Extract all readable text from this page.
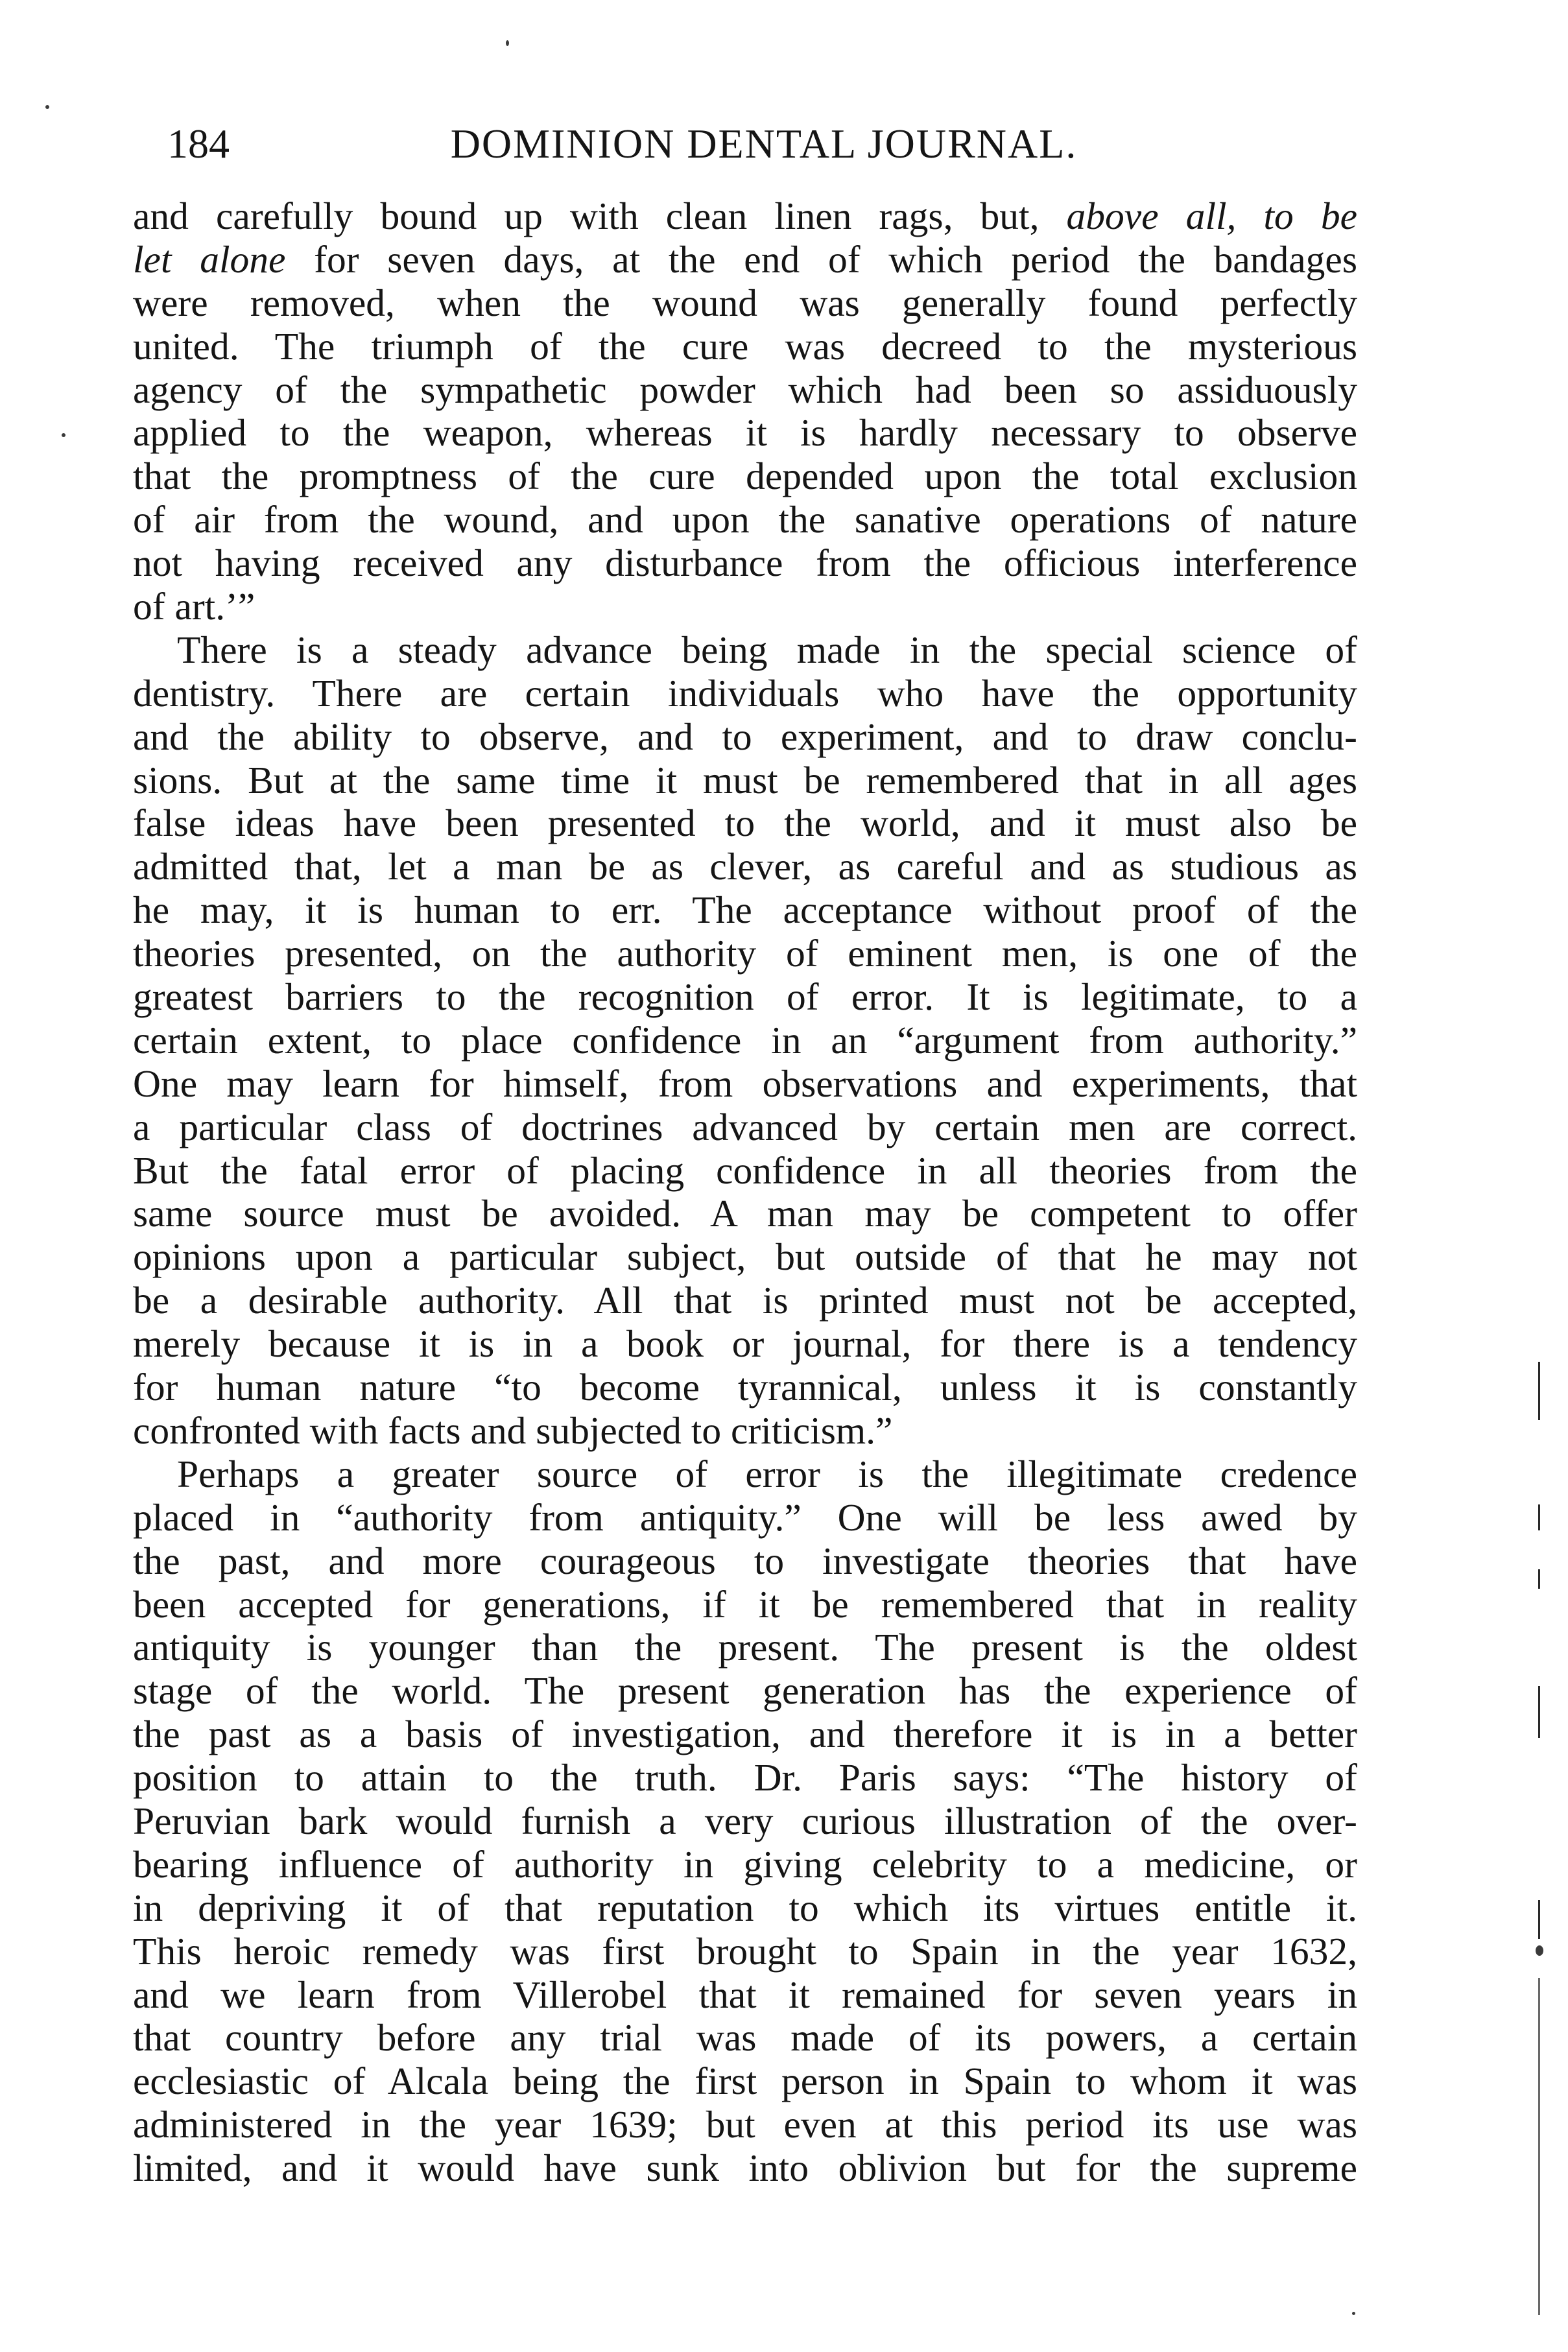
184	DOMINION DENTAL JOURNAL.
and carefully bound up with clean linen rags, but, above all, to be
let alone for seven days, at the end of which period the bandages
were removed, when the wound was generally found perfectly
united. The triumph of the cure was decreed to the mysterious
agency of the sympathetic powder which had been so assiduously
applied to the weapon, whereas it is hardly necessary to observe
that the promptness of the cure depended upon the total exclusion
of air from the wound, and upon the sanative operations of nature
not having received any disturbance from the officious interference
of art.’”
There is a steady advance being made in the special science of
dentistry. There are certain individuals who have the opportunity
and the ability to observe, and to experiment, and to draw conclu-
sions. But at the same time it must be remembered that in all ages
false ideas have been presented to the world, and it must also be
admitted that, let a man be as clever, as careful and as studious as
he may, it is human to err. The acceptance without proof of the
theories presented, on the authority of eminent men, is one of the
greatest barriers to the recognition of error. It is legitimate, to a
certain extent, to place confidence in an “argument from authority.”
One may learn for himself, from observations and experiments, that
a particular class of doctrines advanced by certain men are correct.
But the fatal error of placing confidence in all theories from the
same source must be avoided. A man may be competent to offer
opinions upon a particular subject, but outside of that he may not
be a desirable authority. All that is printed must not be accepted,
merely because it is in a book or journal, for there is a tendency
for human nature “to become tyrannical, unless it is constantly
confronted with facts and subjected to criticism.”
Perhaps a greater source of error is the illegitimate credence
placed in “authority from antiquity.” One will be less awed by
the past, and more courageous to investigate theories that have
been accepted for generations, if it be remembered that in reality
antiquity is younger than the present. The present is the oldest
stage of the world. The present generation has the experience of
the past as a basis of investigation, and therefore it is in a better
position to attain to the truth. Dr. Paris says: “The history of
Peruvian bark would furnish a very curious illustration of the over-
bearing influence of authority in giving celebrity to a medicine, or
in depriving it of that reputation to which its virtues entitle it.
This heroic remedy was first brought to Spain in the year 1632,
and we learn from Villerobel that it remained for seven years in
that country before any trial was made of its powers, a certain
ecclesiastic of Alcala being the first person in Spain to whom it was
administered in the year 1639; but even at this period its use was
limited, and it would have sunk into oblivion but for the supreme
